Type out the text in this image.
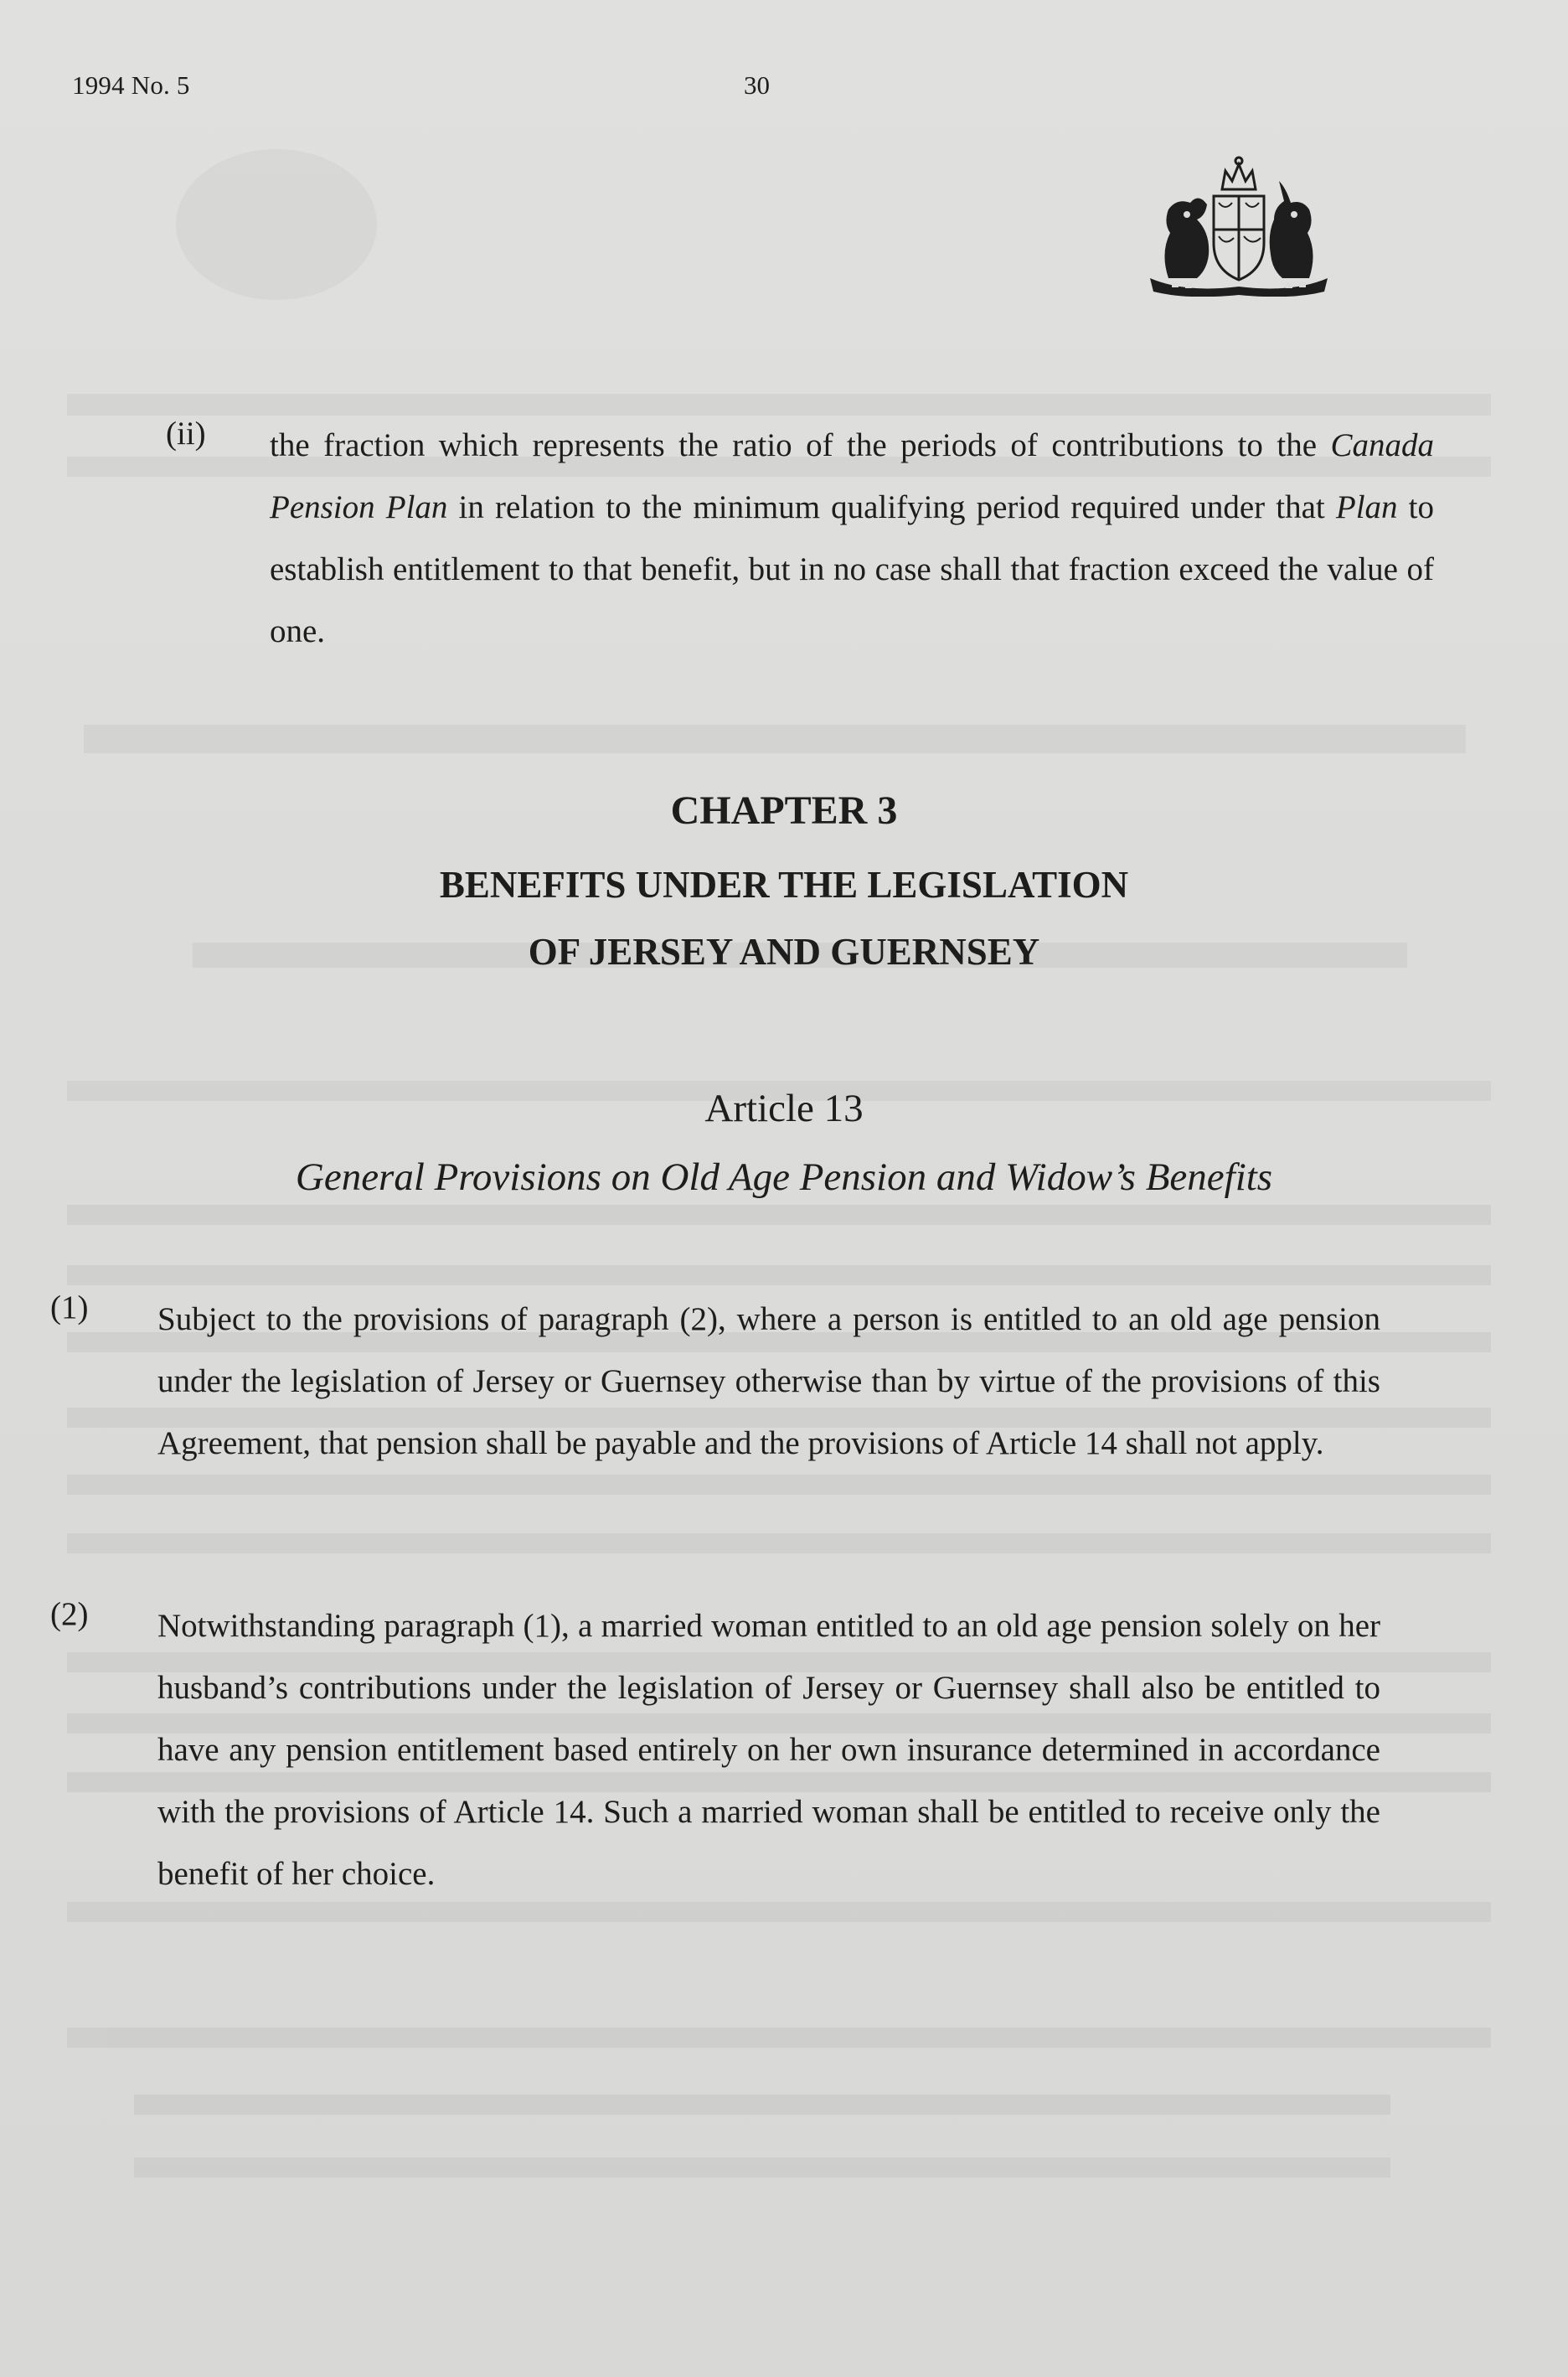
1994 No. 5	30
(ii) the fraction which represents the ratio of the periods of contributions to the Canada Pension Plan in relation to the minimum qualifying period required under that Plan to establish entitlement to that benefit, but in no case shall that fraction exceed the value of one.
CHAPTER 3
BENEFITS UNDER THE LEGISLATION
OF JERSEY AND GUERNSEY
Article 13
General Provisions on Old Age Pension and Widow’s Benefits
(1) Subject to the provisions of paragraph (2), where a person is entitled to an old age pension under the legislation of Jersey or Guernsey otherwise than by virtue of the provisions of this Agreement, that pension shall be payable and the provisions of Article 14 shall not apply.
(2) Notwithstanding paragraph (1), a married woman entitled to an old age pension solely on her husband’s contributions under the legislation of Jersey or Guernsey shall also be entitled to have any pension entitlement based entirely on her own insurance determined in accordance with the provisions of Article 14. Such a married woman shall be entitled to receive only the benefit of her choice.
